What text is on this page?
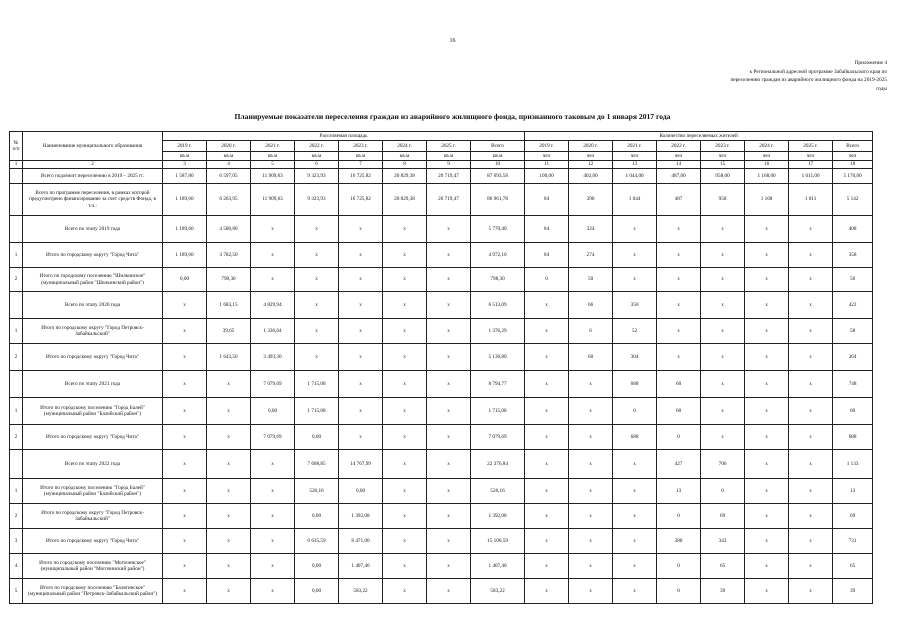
16
Приложение 4
к Региональной адресной программе Забайкальского края по
переселению граждан из аварийного жилищного фонда на 2019-2025
годы
Планируемые показатели переселения граждан из аварийного жилищного фонда, признанного таковым до 1 января 2017 года
№ п/п	Наименование муниципального образования	Расселяемая площадь								Количество переселяемых жителей							
		2019 г.	2020 г.	2021 г.	2022 г.	2023 г.	2024 г.	2025 г.	Всего	2019 г.	2020 г.	2021 г.	2022 г.	2023 г.	2024 г.	2025 г.	Всего
		кв.м	кв.м	кв.м	кв.м	кв.м	кв.м	кв.м	кв.м	чел	чел	чел	чел	чел	чел	чел	чел
1	2	3	4	5	6	7	8	9	10	11	12	13	14	15	16	17	18
	Всего подлежит переселению в 2019 – 2025 гг.	1 587,80	6 597,05	11 909,63	9 323,93	16 725,82	20 829,38	20 719,47	87 693,58	100,00	402,00	1 044,00	487,00	958,00	1 168,00	1 011,00	5 170,00
	Всего по программе переселения, в рамках которой предусмотрено финансирование за счет средств Фонда, в т.ч.:	1 189,60	6 263,95	11 909,63	9 323,93	16 725,82	20 829,38	20 719,47	86 961,78	84	390	1 044	487	958	1 168	1 011	5 142
	Всего по этапу 2019 года	1 189,60	4 580,80	x	x	x	x	x	5 770,40	84	324	x	x	x	x	x	408
1	Итого по городскому округу "Город Чита"	1 189,60	3 782,50	x	x	x	x	x	4 972,10	84	274	x	x	x	x	x	358
2	Итого по городскому поселению "Шилкинское" (муниципальный район "Шилкинский район")	0,00	798,30	x	x	x	x	x	798,30	0	50	x	x	x	x	x	50
	Всего по этапу 2020 года	x	1 683,15	4 829,94	x	x	x	x	6 513,09	x	66	356	x	x	x	x	422
1	Итого по городскому округу "Город Петровск-Забайкальский"	x	39,65	1 336,64	x	x	x	x	1 376,29	x	6	52	x	x	x	x	58
2	Итого по городскому округу "Город Чита"	x	1 643,50	3 493,30	x	x	x	x	5 136,80	x	60	304	x	x	x	x	364
	Всего по этапу 2021 года	x	x	7 079,69	1 715,08	x	x	x	8 794,77	x	x	688	60	x	x	x	748
1	Итого по городскому поселению "Город Балей" (муниципальный район "Балейский район")	x	x	0,00	1 715,08	x	x	x	1 715,08	x	x	0	60	x	x	x	60
2	Итого по городскому округу "Город Чита"	x	x	7 079,69	0,00	x	x	x	7 079,69	x	x	688	0	x	x	x	688
	Всего по этапу 2022 года	x	x	x	7 608,85	14 767,99	x	x	22 376,84	x	x	x	427	706	x	x	1 133
1	Итого по городскому поселению "Город Балей" (муниципальный район "Балейский район")	x	x	x	526,16	0,00	x	x	526,16	x	x	x	13	0	x	x	13
2	Итого по городскому округу "Город Петровск-Забайкальский"	x	x	x	0,00	1 392,08	x	x	1 392,08	x	x	x	0	69	x	x	69
3	Итого по городскому округу "Город Чита"	x	x	x	6 635,59	8 471,00	x	x	15 106,59	x	x	x	388	343	x	x	731
4	Итого по городскому поселению "Могочинское" (муниципальный район "Могочинский район")	x	x	x	0,00	1 407,40	x	x	1 407,40	x	x	x	0	65	x	x	65
5	Итого по городскому поселению "Балягинское" (муниципальный район "Петровск-Забайкальский район")	x	x	x	0,00	583,22	x	x	583,22	x	x	x	0	39	x	x	39
